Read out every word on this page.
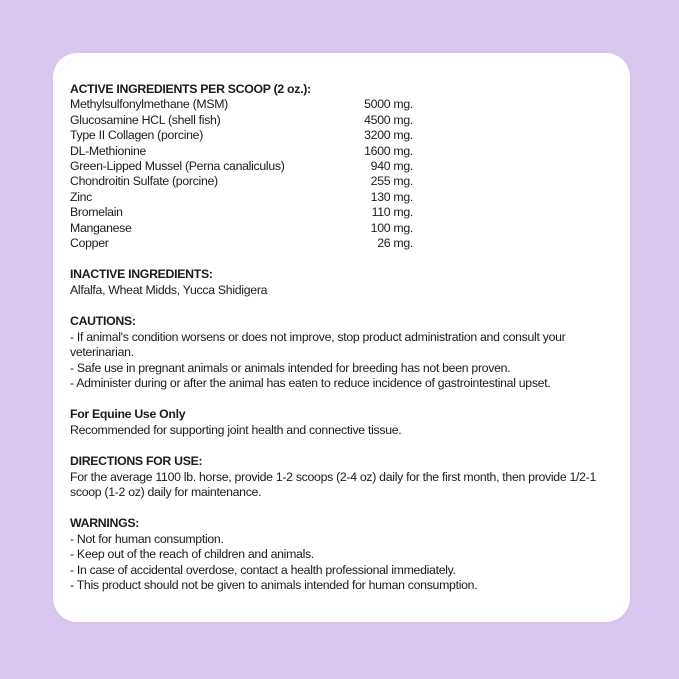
ACTIVE INGREDIENTS PER SCOOP (2 oz.):
Methylsulfonylmethane (MSM)	5000 mg.
Glucosamine HCL (shell fish)	4500 mg.
Type II Collagen (porcine)	3200 mg.
DL-Methionine	1600 mg.
Green-Lipped Mussel (Perna canaliculus)	940 mg.
Chondroitin Sulfate (porcine)	255 mg.
Zinc	130 mg.
Bromelain	110 mg.
Manganese	100 mg.
Copper	26 mg.
INACTIVE INGREDIENTS:
Alfalfa, Wheat Midds, Yucca Shidigera
CAUTIONS:
- If animal's condition worsens or does not improve, stop product administration and consult your veterinarian.
- Safe use in pregnant animals or animals intended for breeding has not been proven.
- Administer during or after the animal has eaten to reduce incidence of gastrointestinal upset.
For Equine Use Only
Recommended for supporting joint health and connective tissue.
DIRECTIONS FOR USE:
For the average 1100 lb. horse, provide 1-2 scoops (2-4 oz) daily for the first month, then provide 1/2-1 scoop (1-2 oz) daily for maintenance.
WARNINGS:
- Not for human consumption.
- Keep out of the reach of children and animals.
- In case of accidental overdose, contact a health professional immediately.
- This product should not be given to animals intended for human consumption.
